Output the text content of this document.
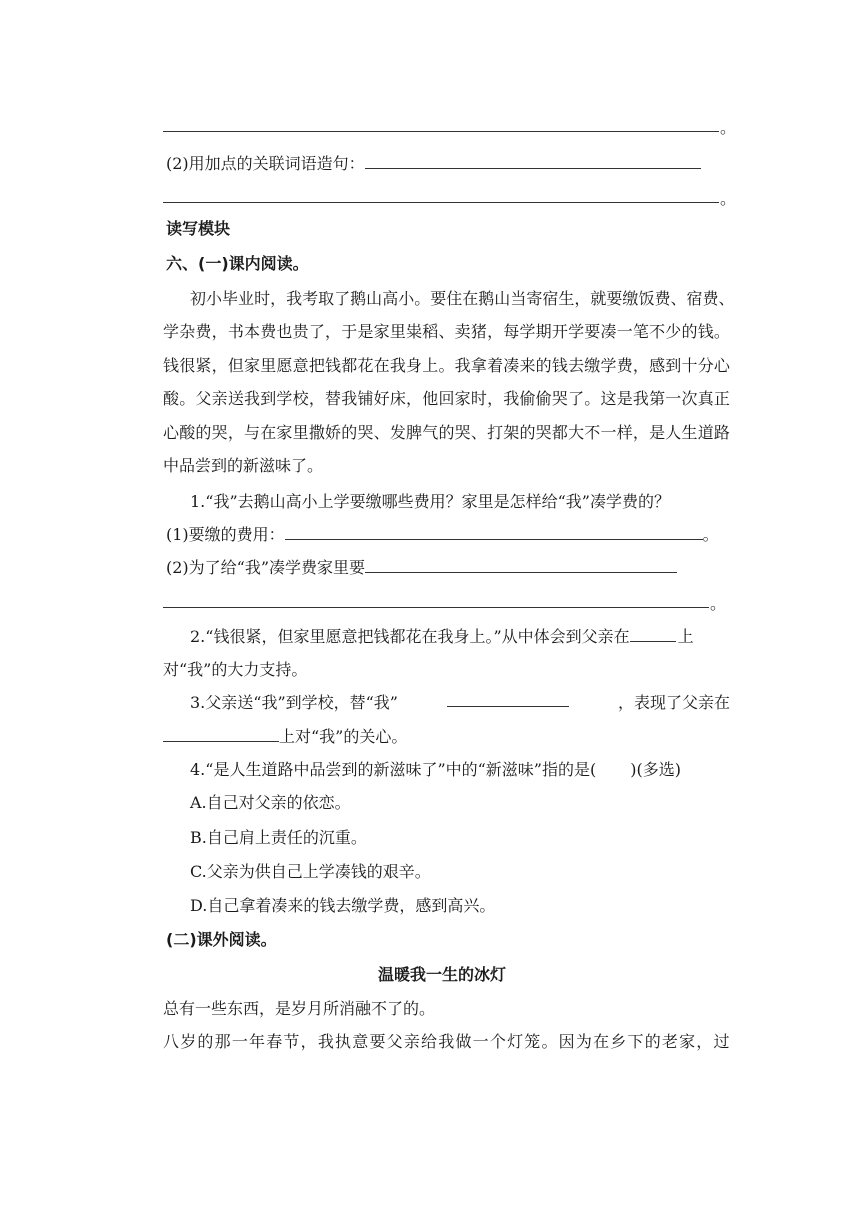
。
(2)用加点的关联词语造句：
。
读写模块
六、(一)课内阅读。
初 小 毕 业 时 ， 我 考 取 了 鹅 山 高 小 。 要 住 在 鹅 山 当 寄 宿 生 ， 就 要 缴 饭 费 、 宿 费 、
学 杂 费 ， 书 本 费 也 贵 了 ， 于 是 家 里 粜 稻 、 卖 猪 ， 每 学 期 开 学 要 凑 一 笔 不 少 的 钱 。
钱 很 紧 ， 但 家 里 愿 意 把 钱 都 花 在 我 身 上 。 我 拿 着 凑 来 的 钱 去 缴 学 费 ， 感 到 十 分 心
酸 。 父 亲 送 我 到 学 校 ， 替 我 铺 好 床 ， 他 回 家 时 ， 我 偷 偷 哭 了 。 这 是 我 第 一 次 真 正
心 酸 的 哭 ， 与 在 家 里 撒 娇 的 哭 、 发 脾 气 的 哭 、 打 架 的 哭 都 大 不 一 样 ， 是 人 生 道 路
中品尝到的新滋味了。
1.“我”去鹅山高小上学要缴哪些费用？家里是怎样给“我”凑学费的？
(1)要缴的费用：	。
(2)为了给“我”凑学费家里要
。
2.“钱很紧，但家里愿意把钱都花在我身上。”从中体会到父亲在	上
对“我”的大力支持。
3.父亲送“我”到学校，替“我”	，表现了父亲在
上对“我”的关心。
4.“是人生道路中品尝到的新滋味了”中的“新滋味”指的是( )(多选)
A.自己对父亲的依恋。
B.自己肩上责任的沉重。
C.父亲为供自己上学凑钱的艰辛。
D.自己拿着凑来的钱去缴学费，感到高兴。
(二)课外阅读。
温暖我一生的冰灯
总有一些东西，是岁月所消融不了的。
八 岁 的 那 一 年 春 节 ， 我 执 意 要 父 亲 给 我 做 一 个 灯 笼 。 因 为 在 乡 下 的 老 家 ， 过
